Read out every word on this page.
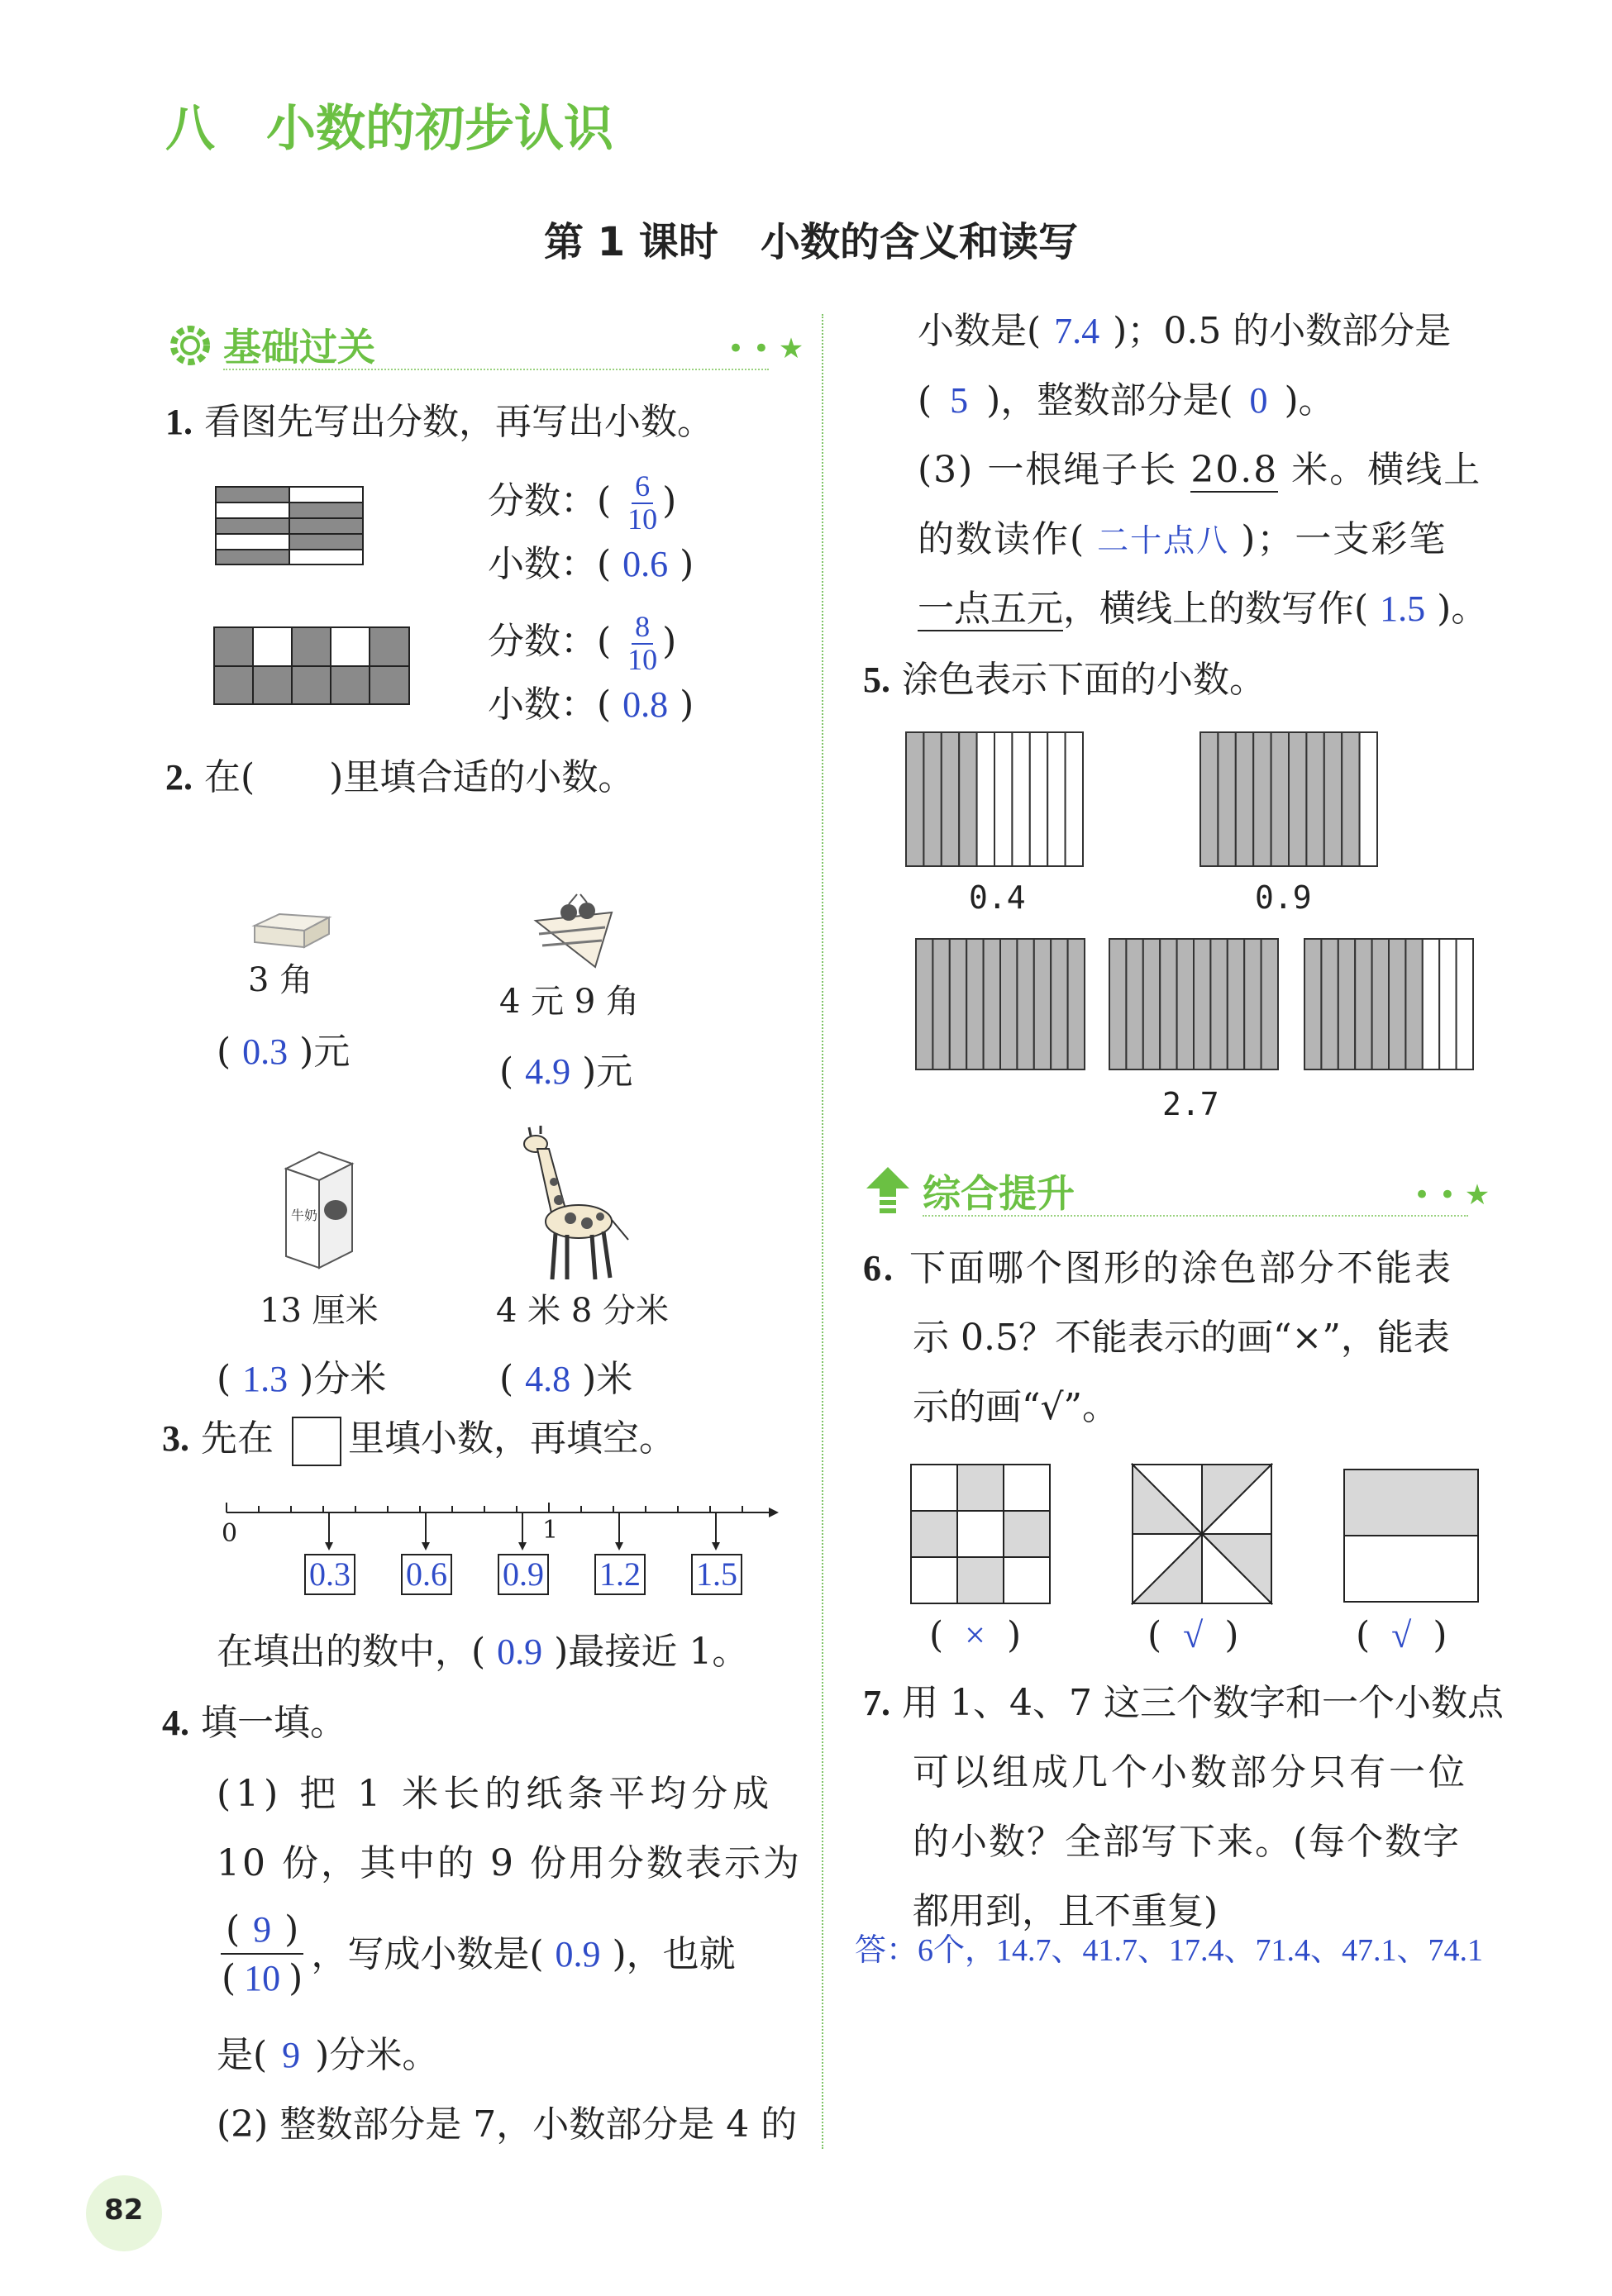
八 小数的初步认识
第 1 课时 小数的含义和读写
基础过关	• • ★
1. 看图先写出分数，再写出小数。
分数：( $\frac{6}{10}$ )
小数：( 0.6 )
分数：( $\frac{8}{10}$ )
小数：( 0.8 )
2. 在( )里填合适的小数。
3 角
( 0.3 )元
4 元 9 角
( 4.9 )元
牛奶
13 厘米
( 1.3 )分米
4 米 8 分米
( 4.8 )米
3. 先在 里填小数，再填空。
0	1
0.3 0.6 0.9 1.2 1.5
在填出的数中，( 0.9 )最接近 1。
4. 填一填。
(1) 把 1 米长的纸条平均分成
10 份，其中的 9 份用分数表示为
$\frac{( 9 )}{( 10 )}$ ，写成小数是( 0.9 )，也就
是( 9 )分米。
(2) 整数部分是 7，小数部分是 4 的
小数是( 7.4 )；0.5 的小数部分是
( 5 )，整数部分是( 0 )。
(3) 一根绳子长 20.8 米。横线上
的数读作( 二十点八 )；一支彩笔
一点五元，横线上的数写作( 1.5 )。
5. 涂色表示下面的小数。
0.4	0.9
2.7
综合提升	• • ★
6. 下面哪个图形的涂色部分不能表
示 0.5？不能表示的画“×”，能表
示的画“√”。
( × )	( √ )	( √ )
7. 用 1、4、7 这三个数字和一个小数点
可以组成几个小数部分只有一位
的小数？全部写下来。(每个数字
都用到，且不重复)
答：6个，14.7、41.7、17.4、71.4、47.1、74.1
82
